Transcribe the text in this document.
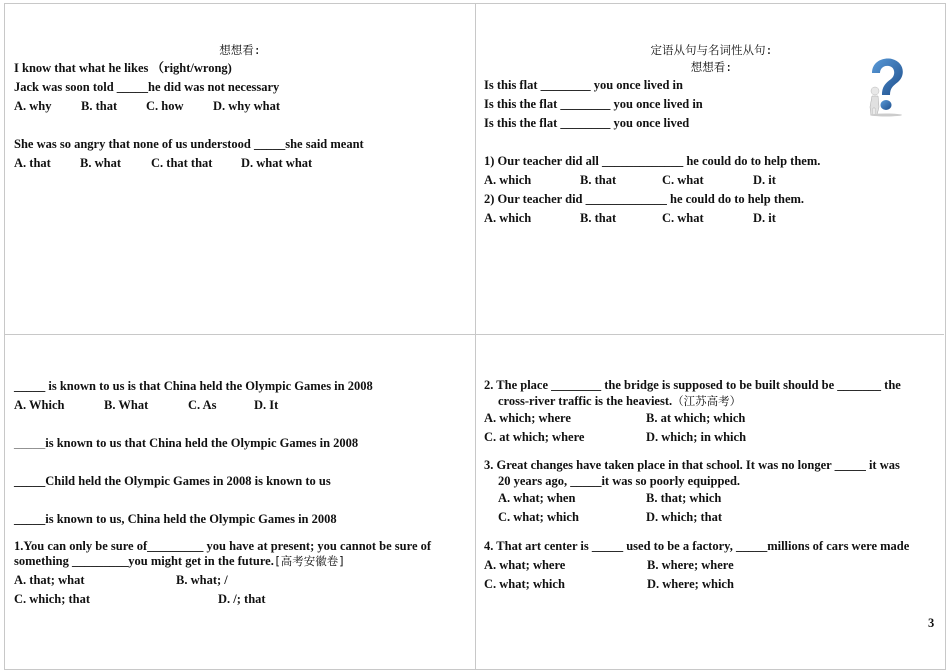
想想看:
I know that what he likes （right/wrong)
Jack was soon told _____he did was not necessary
A. why	B. that	C. how	D. why what
She was so angry that none of us understood _____she said meant
A. that	B. what	C. that that	D. what what
定语从句与名词性从句:
想想看:
Is this flat ________ you once lived in
Is this the flat ________ you once lived in
Is this the flat ________ you once lived
1) Our teacher did all _____________ he could do to help them.
A. which	B. that	C. what	D. it
2) Our teacher did _____________ he could do to help them.
A. which	B. that	C. what	D. it
_____ is known to us is that China held the Olympic Games in 2008
A. Which	B. What	C. As	D. It
_____is known to us that China held the Olympic Games in 2008
_____Child held the Olympic Games in 2008 is known to us
_____is known to us, China held the Olympic Games in 2008
1.You can only be sure of_________ you have at present; you cannot be sure of something _________you might get in the future.[高考安徽卷]
A. that; what	B. what; /
C. which; that	D. /; that
2. The place ________ the bridge is supposed to be built should be _______ the
cross-river traffic is the heaviest.（江苏高考）
A. which; where	B. at which; which
C. at which; where	D. which; in which
3. Great changes have taken place in that school. It was no longer _____ it was
20 years ago, _____it was so poorly equipped.
A. what; when	B. that; which
C. what; which	D. which; that
4. That art center is _____ used to be a factory, _____millions of cars were made
A. what; where	B. where; where
C. what; which	D. where; which
3
